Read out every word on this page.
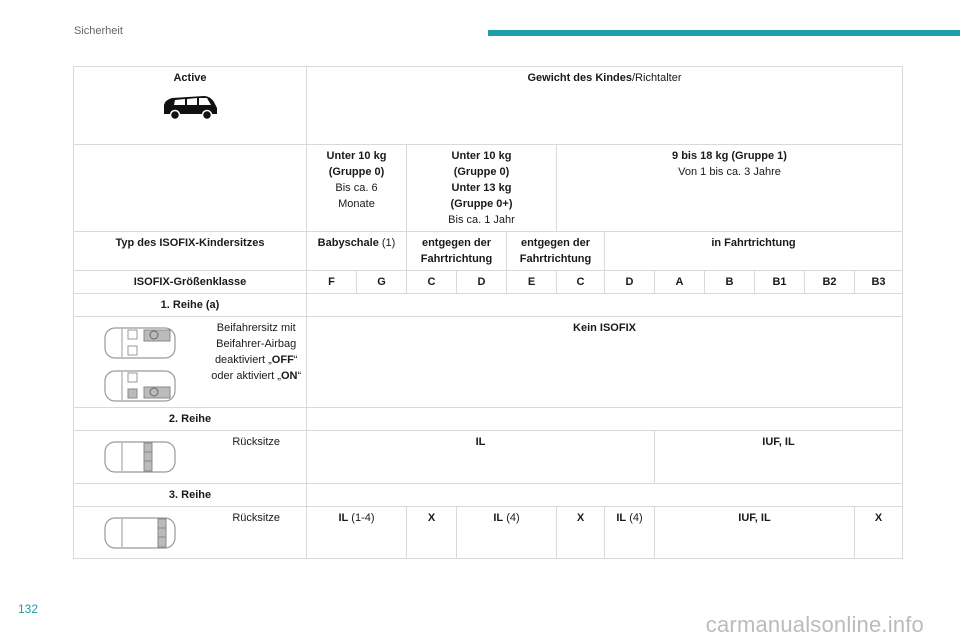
Sicherheit
Active	Gewicht des Kindes/Richtalter											
	Unter 10 kg
(Gruppe 0)
Bis ca. 6
Monate		Unter 10 kg
(Gruppe 0)
Unter 13 kg
(Gruppe 0+)
Bis ca. 1 Jahr			9 bis 18 kg (Gruppe 1)
Von 1 bis ca. 3 Jahre						
Typ des ISOFIX-Kindersitzes	Babyschale (1)		entgegen der Fahrtrichtung		entgegen der Fahrtrichtung		in Fahrtrichtung					
ISOFIX-Größenklasse	F	G	C	D	E	C	D	A	B	B1	B2	B3
1. Reihe (a)												

Beifahrersitz mit
Beifahrer-Airbag
deaktiviert „OFF“
oder aktiviert „ON“	Kein ISOFIX											
2. Reihe												

Rücksitze	IL							IUF, IL				
3. Reihe												

Rücksitze	IL (1-4)		X	IL (4)		X	IL (4)	IUF, IL				X
132
carmanualsonline.info
